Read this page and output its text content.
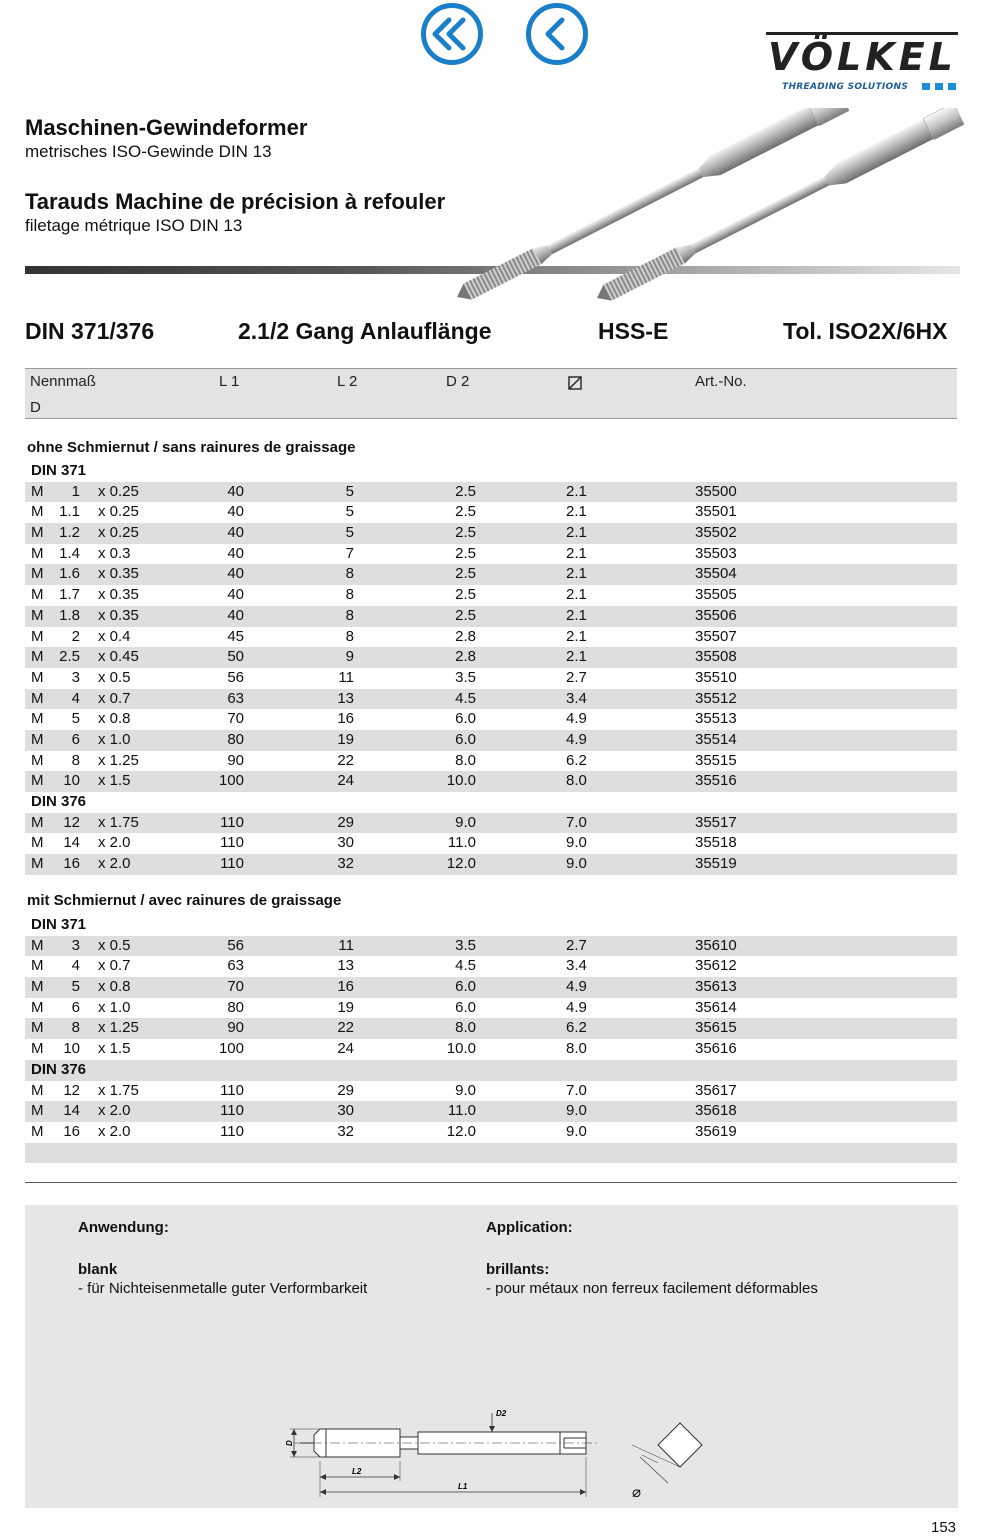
VÖLKEL
THREADING SOLUTIONS
Maschinen-Gewindeformer
metrisches ISO-Gewinde DIN 13
Tarauds Machine de précision à refouler
filetage métrique ISO DIN 13
DIN 371/376	2.1/2 Gang Anlauflänge	HSS-E	Tol. ISO2X/6HX
Nennmaß
D
L 1	L 2	D 2	Art.-No.
ohne Schmiernut / sans rainures de graissage
DIN 371
M	1 x 0.25	40	5	2.5	2.1	35500
M 1.1 x 0.25	40	5	2.5	2.1	35501
M 1.2 x 0.25	40	5	2.5	2.1	35502
M 1.4 x 0.3	40	7	2.5	2.1	35503
M 1.6 x 0.35	40	8	2.5	2.1	35504
M 1.7 x 0.35	40	8	2.5	2.1	35505
M 1.8 x 0.35	40	8	2.5	2.1	35506
M	2 x 0.4	45	8	2.8	2.1	35507
M 2.5 x 0.45	50	9	2.8	2.1	35508
M	3 x 0.5	56	11	3.5	2.7	35510
M	4 x 0.7	63	13	4.5	3.4	35512
M	5 x 0.8	70	16	6.0	4.9	35513
M	6 x 1.0	80	19	6.0	4.9	35514
M	8 x 1.25	90	22	8.0	6.2	35515
M	10 x 1.5	100	24	10.0	8.0	35516
DIN 376
M	12 x 1.75	110	29	9.0	7.0	35517
M	14 x 2.0	110	30	11.0	9.0	35518
M	16 x 2.0	110	32	12.0	9.0	35519
mit Schmiernut / avec rainures de graissage
DIN 371
M	3 x 0.5	56	11	3.5	2.7	35610
M	4 x 0.7	63	13	4.5	3.4	35612
M	5 x 0.8	70	16	6.0	4.9	35613
M	6 x 1.0	80	19	6.0	4.9	35614
M	8 x 1.25	90	22	8.0	6.2	35615
M	10 x 1.5	100	24	10.0	8.0	35616
DIN 376
M	12 x 1.75	110	29	9.0	7.0	35617
M	14 x 2.0	110	30	11.0	9.0	35618
M	16 x 2.0	110	32	12.0	9.0	35619
Anwendung:
blank
- für Nichteisenmetalle guter Verformbarkeit
Application:
brillants:
- pour métaux non ferreux facilement déformables
D
D2
L2
L1	⌀
153
